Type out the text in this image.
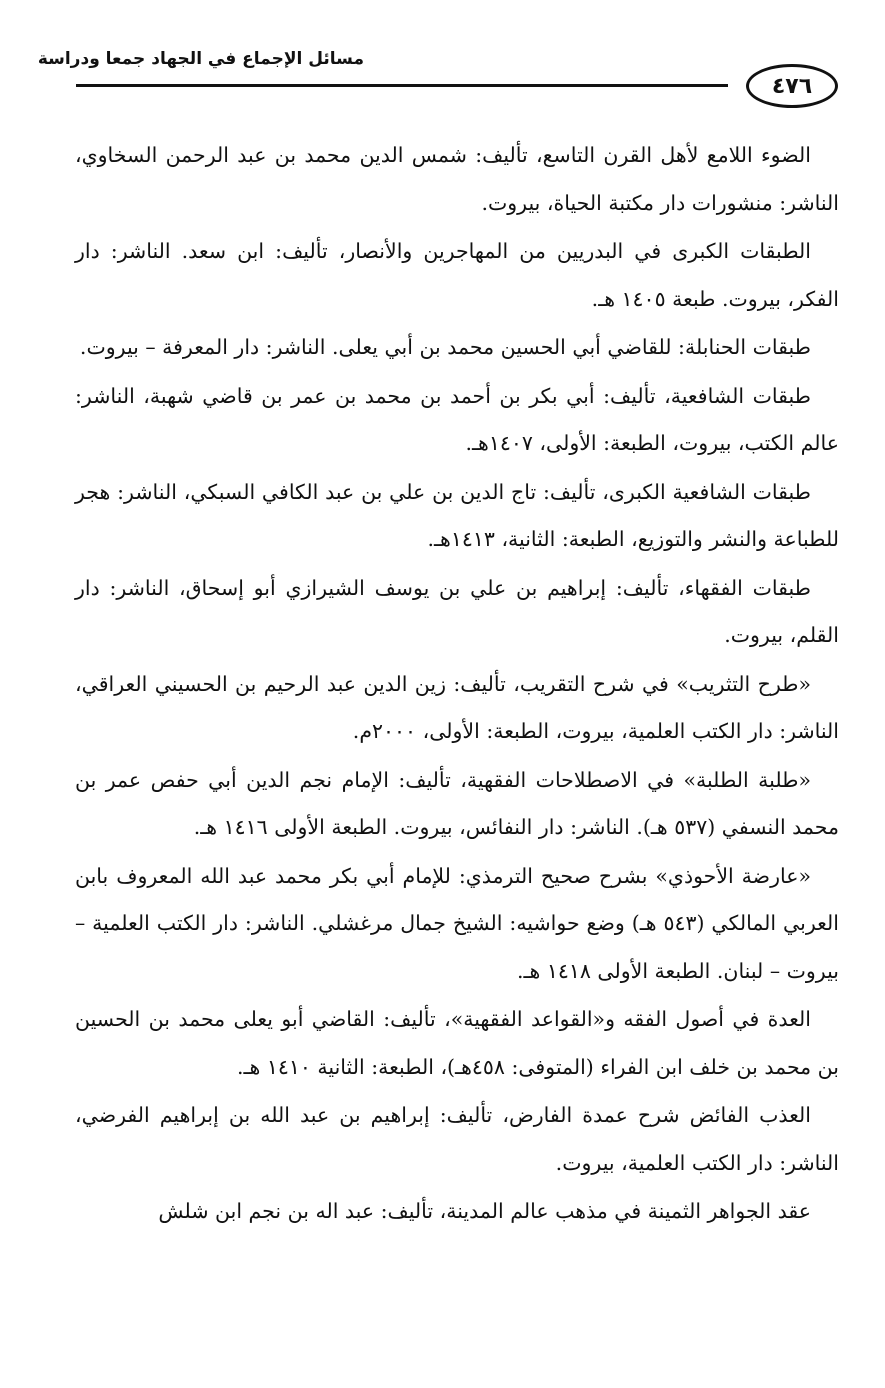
مسائل الإجماع في الجهاد جمعا ودراسة
٤٧٦

الضوء اللامع لأهل القرن التاسع، تأليف: شمس الدين محمد بن عبد الرحمن السخاوي، الناشر: منشورات دار مكتبة الحياة، بيروت.

الطبقات الكبرى في البدريين من المهاجرين والأنصار، تأليف: ابن سعد. الناشر: دار الفكر، بيروت. طبعة ١٤٠٥ هـ.

طبقات الحنابلة: للقاضي أبي الحسين محمد بن أبي يعلى. الناشر: دار المعرفة – بيروت.

طبقات الشافعية، تأليف: أبي بكر بن أحمد بن محمد بن عمر بن قاضي شهبة، الناشر: عالم الكتب، بيروت، الطبعة: الأولى، ١٤٠٧هـ.

طبقات الشافعية الكبرى، تأليف: تاج الدين بن علي بن عبد الكافي السبكي، الناشر: هجر للطباعة والنشر والتوزيع، الطبعة: الثانية، ١٤١٣هـ.

طبقات الفقهاء، تأليف: إبراهيم بن علي بن يوسف الشيرازي أبو إسحاق، الناشر: دار القلم، بيروت.

«طرح التثريب» في شرح التقريب، تأليف: زين الدين عبد الرحيم بن الحسيني العراقي، الناشر: دار الكتب العلمية، بيروت، الطبعة: الأولى، ٢٠٠٠م.

«طلبة الطلبة» في الاصطلاحات الفقهية، تأليف: الإمام نجم الدين أبي حفص عمر بن محمد النسفي (٥٣٧ هـ). الناشر: دار النفائس، بيروت. الطبعة الأولى ١٤١٦ هـ.

«عارضة الأحوذي» بشرح صحيح الترمذي: للإمام أبي بكر محمد عبد الله المعروف بابن العربي المالكي (٥٤٣ هـ) وضع حواشيه: الشيخ جمال مرغشلي. الناشر: دار الكتب العلمية – بيروت – لبنان. الطبعة الأولى ١٤١٨ هـ.

العدة في أصول الفقه و«القواعد الفقهية»، تأليف: القاضي أبو يعلى محمد بن الحسين بن محمد بن خلف ابن الفراء (المتوفى: ٤٥٨هـ)، الطبعة: الثانية ١٤١٠ هـ.

العذب الفائض شرح عمدة الفارض، تأليف: إبراهيم بن عبد الله بن إبراهيم الفرضي، الناشر: دار الكتب العلمية، بيروت.

عقد الجواهر الثمينة في مذهب عالم المدينة، تأليف: عبد اله بن نجم ابن شلش
